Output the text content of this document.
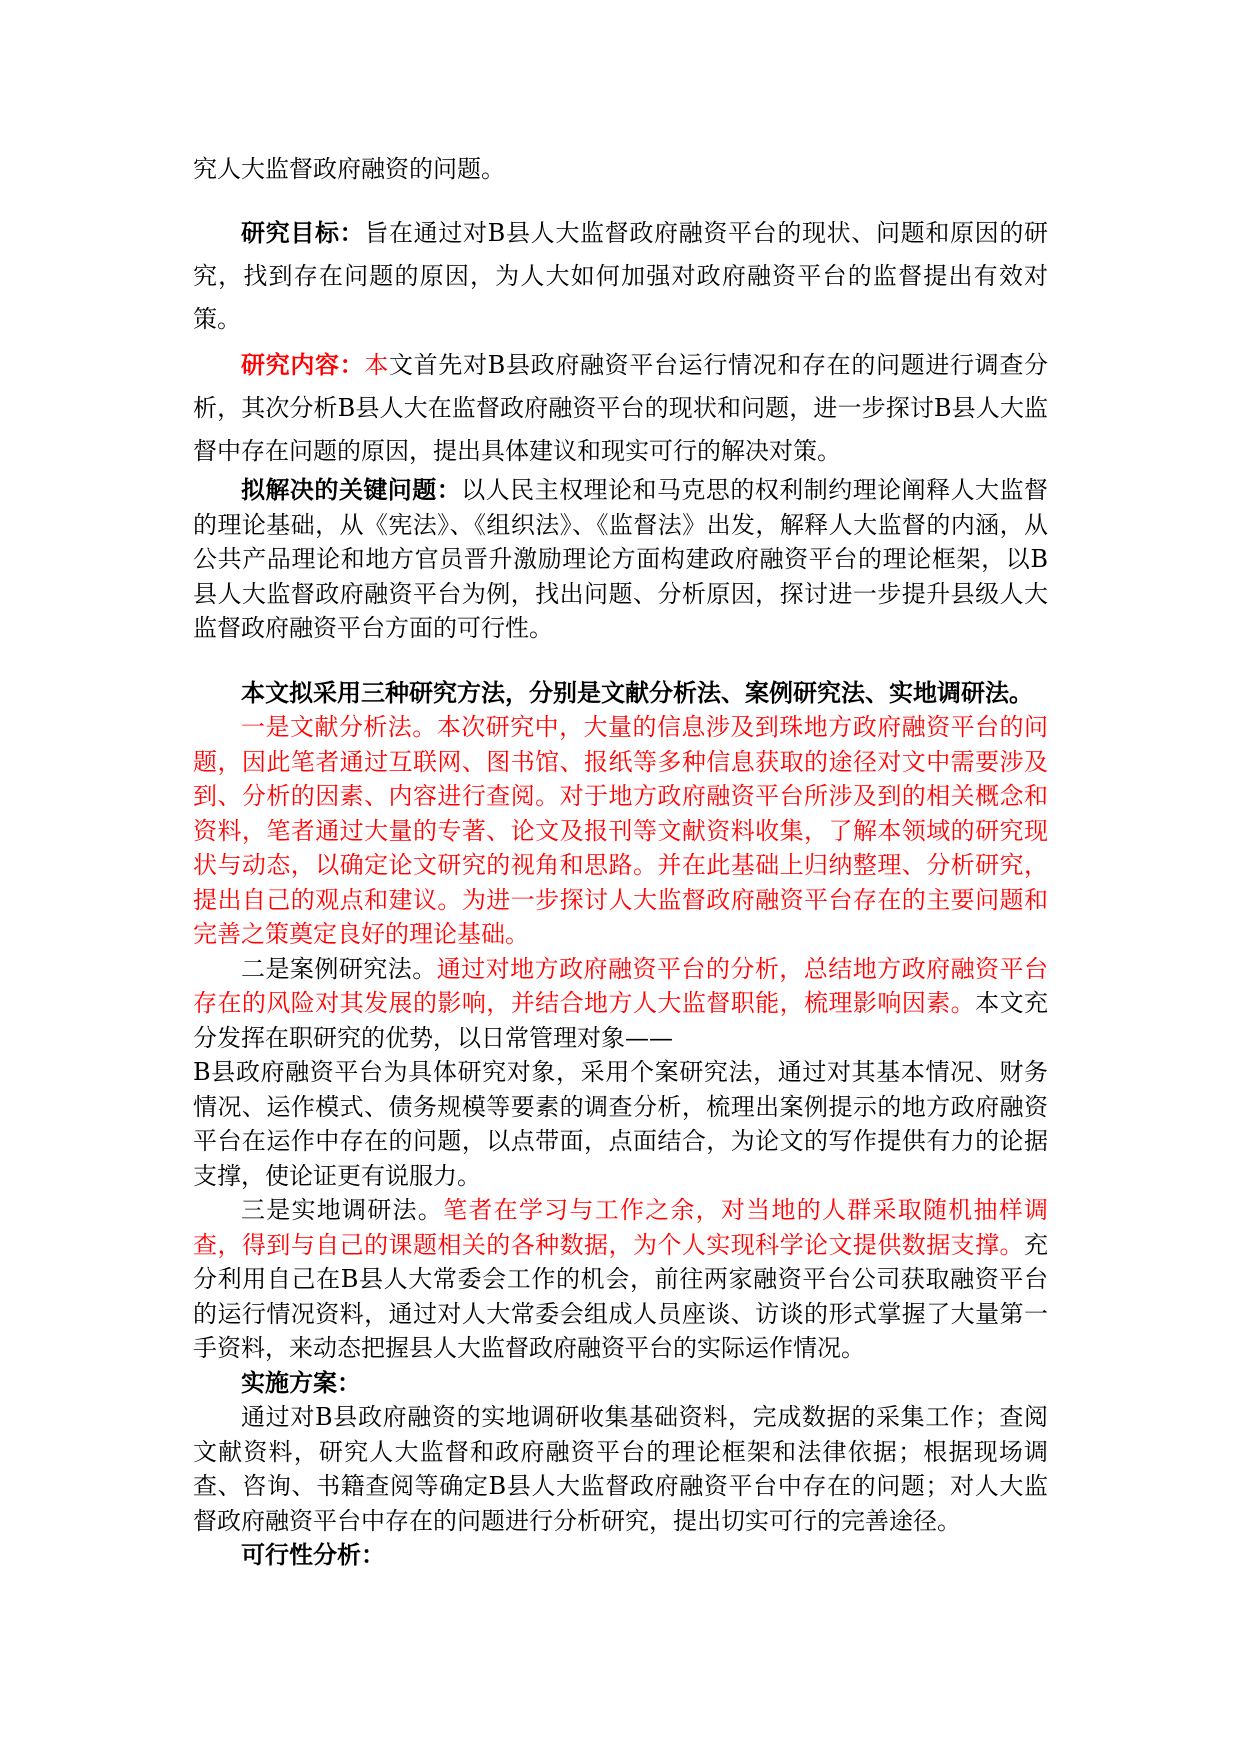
究人大监督政府融资的问题。

研究目标：旨在通过对B县人大监督政府融资平台的现状、问题和原因的研究，找到存在问题的原因，为人大如何加强对政府融资平台的监督提出有效对策。

研究内容：本文首先对B县政府融资平台运行情况和存在的问题进行调查分析，其次分析B县人大在监督政府融资平台的现状和问题，进一步探讨B县人大监督中存在问题的原因，提出具体建议和现实可行的解决对策。

拟解决的关键问题：以人民主权理论和马克思的权利制约理论阐释人大监督的理论基础，从《宪法》、《组织法》、《监督法》出发，解释人大监督的内涵，从公共产品理论和地方官员晋升激励理论方面构建政府融资平台的理论框架，以B县人大监督政府融资平台为例，找出问题、分析原因，探讨进一步提升县级人大监督政府融资平台方面的可行性。

本文拟采用三种研究方法，分别是文献分析法、案例研究法、实地调研法。

一是文献分析法。本次研究中，大量的信息涉及到珠地方政府融资平台的问题，因此笔者通过互联网、图书馆、报纸等多种信息获取的途径对文中需要涉及到、分析的因素、内容进行查阅。对于地方政府融资平台所涉及到的相关概念和资料，笔者通过大量的专著、论文及报刊等文献资料收集，了解本领域的研究现状与动态，以确定论文研究的视角和思路。并在此基础上归纳整理、分析研究，提出自己的观点和建议。为进一步探讨人大监督政府融资平台存在的主要问题和完善之策奠定良好的理论基础。

二是案例研究法。通过对地方政府融资平台的分析，总结地方政府融资平台存在的风险对其发展的影响，并结合地方人大监督职能，梳理影响因素。本文充分发挥在职研究的优势，以日常管理对象——

B县政府融资平台为具体研究对象，采用个案研究法，通过对其基本情况、财务情况、运作模式、债务规模等要素的调查分析，梳理出案例提示的地方政府融资平台在运作中存在的问题，以点带面，点面结合，为论文的写作提供有力的论据支撑，使论证更有说服力。

三是实地调研法。笔者在学习与工作之余，对当地的人群采取随机抽样调查，得到与自己的课题相关的各种数据，为个人实现科学论文提供数据支撑。充分利用自己在B县人大常委会工作的机会，前往两家融资平台公司获取融资平台的运行情况资料，通过对人大常委会组成人员座谈、访谈的形式掌握了大量第一手资料，来动态把握县人大监督政府融资平台的实际运作情况。

实施方案：

通过对B县政府融资的实地调研收集基础资料，完成数据的采集工作；查阅文献资料，研究人大监督和政府融资平台的理论框架和法律依据；根据现场调查、咨询、书籍查阅等确定B县人大监督政府融资平台中存在的问题；对人大监督政府融资平台中存在的问题进行分析研究，提出切实可行的完善途径。

可行性分析：
